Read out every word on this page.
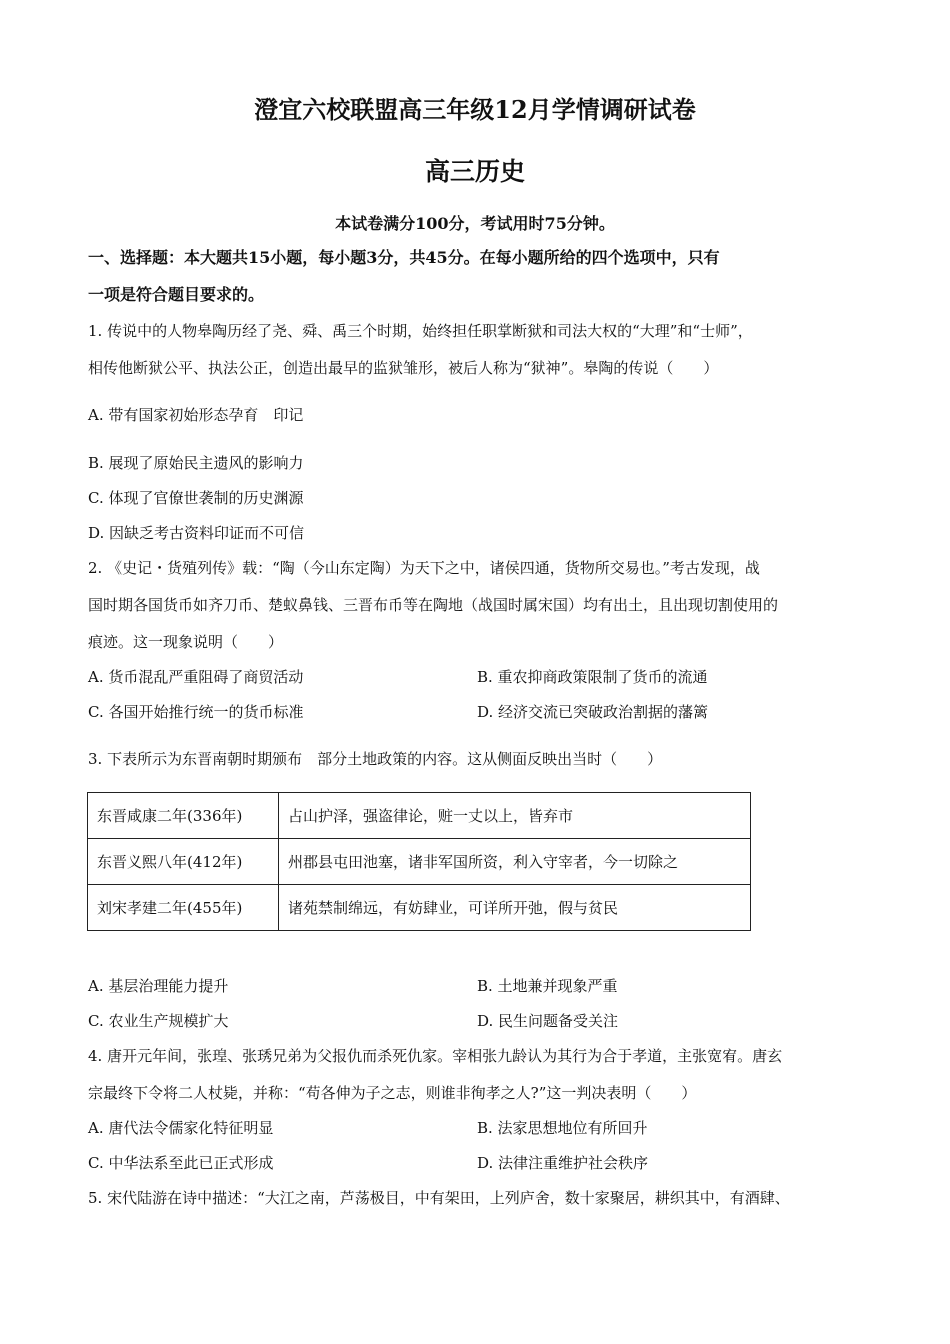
澄宜六校联盟高三年级12月学情调研试卷
高三历史
本试卷满分100分，考试用时75分钟。
一、选择题：本大题共15小题，每小题3分，共45分。在每小题所给的四个选项中，只有
一项是符合题目要求的。
1. 传说中的人物皋陶历经了尧、舜、禹三个时期，始终担任职掌断狱和司法大权的“大理”和“士师”，
相传他断狱公平、执法公正，创造出最早的监狱雏形，被后人称为“狱神”。皋陶的传说（　　）
A. 带有国家初始形态孕育　印记
B. 展现了原始民主遗风的影响力
C. 体现了官僚世袭制的历史渊源
D. 因缺乏考古资料印证而不可信
2. 《史记・货殖列传》载：“陶（今山东定陶）为天下之中，诸侯四通，货物所交易也。”考古发现，战
国时期各国货币如齐刀币、楚蚁鼻钱、三晋布币等在陶地（战国时属宋国）均有出土，且出现切割使用的
痕迹。这一现象说明（　　）
A. 货币混乱严重阻碍了商贸活动	B. 重农抑商政策限制了货币的流通
C. 各国开始推行统一的货币标准	D. 经济交流已突破政治割据的藩篱
3. 下表所示为东晋南朝时期颁布　部分土地政策的内容。这从侧面反映出当时（　　）
东晋咸康二年(336年)	占山护泽，强盗律论，赃一丈以上，皆弃市
东晋义熙八年(412年)	州郡县屯田池塞，诸非军国所资，利入守宰者，今一切除之
刘宋孝建二年(455年)	诸苑禁制绵远，有妨肆业，可详所开弛，假与贫民
A. 基层治理能力提升	B. 土地兼并现象严重
C. 农业生产规模扩大	D. 民生问题备受关注
4. 唐开元年间，张瑝、张琇兄弟为父报仇而杀死仇家。宰相张九龄认为其行为合于孝道，主张宽宥。唐玄
宗最终下令将二人杖毙，并称：“苟各伸为子之志，则谁非徇孝之人?”这一判决表明（　　）
A. 唐代法令儒家化特征明显	B. 法家思想地位有所回升
C. 中华法系至此已正式形成	D. 法律注重维护社会秩序
5. 宋代陆游在诗中描述：“大江之南，芦荡极目，中有架田，上列庐舍，数十家聚居，耕织其中，有酒肆、
